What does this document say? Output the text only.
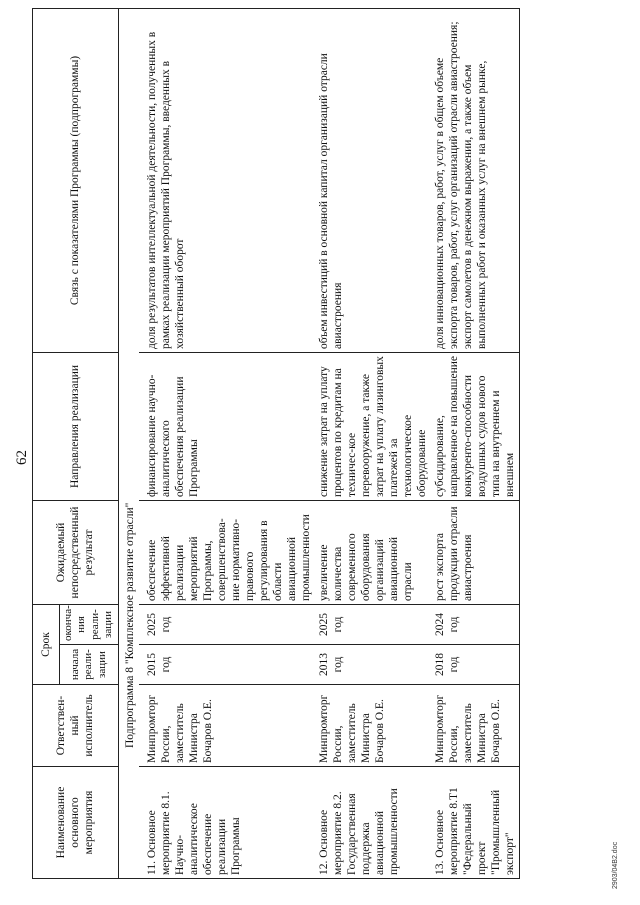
62
Наименование основного мероприятия	Ответствен-ный исполнитель	Срок		Ожидаемый непосредственный результат	Направления реализации	Связь с показателями Программы (подпрограммы)
		начала реали-зации	оконча-ния реали-зации			
Подпрограмма 8 "Комплексное развитие отрасли"						
11. Основное мероприятие 8.1. Научно-аналитическое обеспечение реализации Программы	Минпромторг России, заместитель Министра Бочаров О.Е.	2015 год	2025 год	обеспечение эффективной реализации мероприятий Программы, совершенствова-ние нормативно-правового регулирования в области авиационной промышленности	финансирование научно-аналитического обеспечения реализации Программы	доля результатов интеллектуальной деятельности, полученных в рамках реализации мероприятий Программы, введенных в хозяйственный оборот
12. Основное мероприятие 8.2. Государственная поддержка авиационной промышленности	Минпромторг России, заместитель Министра Бочаров О.Е.	2013 год	2025 год	увеличение количества современного оборудования организаций авиационной отрасли	снижение затрат на уплату процентов по кредитам на техничес-кое перевооружение, а также затрат на уплату лизинговых платежей за технологическое оборудование	объем инвестиций в основной капитал организаций отрасли авиастроения
13. Основное мероприятие 8.Т1 "Федеральный проект "Промышленный экспорт"	Минпромторг России, заместитель Министра Бочаров О.Е.	2018 год	2024 год	рост экспорта продукции отрасли авиастроения	субсидирование, направленное на повышение конкуренто-способности воздушных судов нового типа на внутреннем и внешнем	доля инновационных товаров, работ, услуг в общем объеме экспорта товаров, работ, услуг организаций отрасли авиастроения; экспорт самолетов в денежном выражении, а также объем выполненных работ и оказанных услуг на внешнем рынке,
2903/04В2.doc
